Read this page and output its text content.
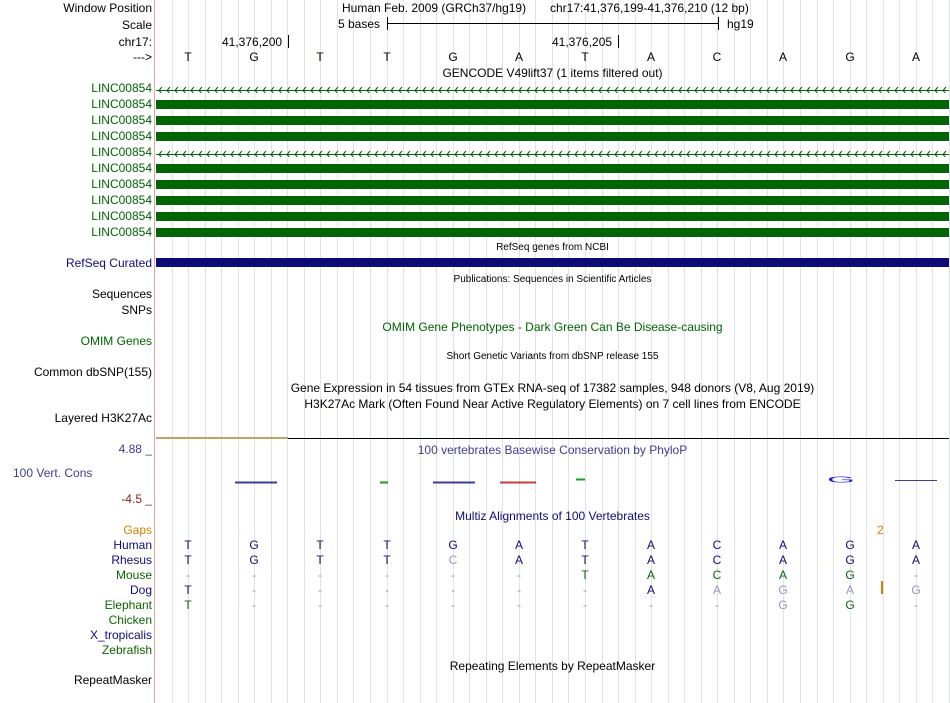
Window Position	Human Feb. 2009 (GRCh37/hg19) chr17:41,376,199-41,376,210 (12 bp)
Scale	5 bases	hg19
chr17:	41,376,200	41,376,205
--->	T	G	T	T	G	A	T	A	C	A	G	A
GENCODE V49lift37 (1 items filtered out)
LINC00854
LINC00854
LINC00854
LINC00854
LINC00854
LINC00854
LINC00854
LINC00854
LINC00854
LINC00854
RefSeq genes from NCBI
RefSeq Curated
Publications: Sequences in Scientific Articles
Sequences
SNPs
OMIM Gene Phenotypes - Dark Green Can Be Disease-causing
OMIM Genes
Short Genetic Variants from dbSNP release 155
Common dbSNP(155)
Gene Expression in 54 tissues from GTEx RNA-seq of 17382 samples, 948 donors (V8, Aug 2019)
H3K27Ac Mark (Often Found Near Active Regulatory Elements) on 7 cell lines from ENCODE
Layered H3K27Ac
100 vertebrates Basewise Conservation by PhyloP
4.88 _
100 Vert. Cons
-4.5 _
G
Multiz Alignments of 100 Vertebrates
Gaps	2
Human	T	G	T	T	G	A	T	A	C	A	G	A
Rhesus	T	G	T	T	C	A	T	A	C	A	G	A
Mouse	-	-	-	-	-	-	T	A	C	A	G	-
Dog	T	-	-	-	-	-	-	A	A	G	A	G
Elephant	T	-	-	-	-	-	-	-	-	G	G	-
Chicken
X_tropicalis
Zebrafish
Repeating Elements by RepeatMasker
RepeatMasker
